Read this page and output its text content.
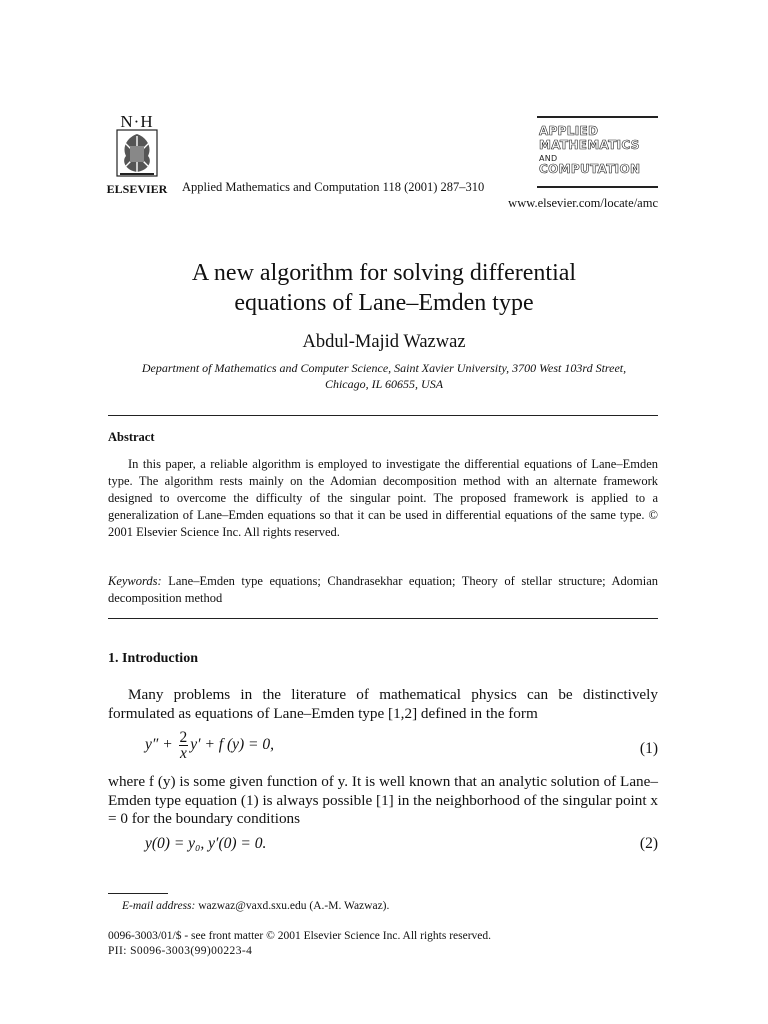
N·H
ELSEVIER Applied Mathematics and Computation 118 (2001) 287–310
APPLIED
MATHEMATICS
AND
COMPUTATION
www.elsevier.com/locate/amc
A new algorithm for solving differential
equations of Lane–Emden type
Abdul-Majid Wazwaz
Department of Mathematics and Computer Science, Saint Xavier University, 3700 West 103rd Street,
Chicago, IL 60655, USA
Abstract

In this paper, a reliable algorithm is employed to investigate the differential equations of Lane–Emden type. The algorithm rests mainly on the Adomian decomposition method with an alternate framework designed to overcome the difficulty of the singular point. The proposed framework is applied to a generalization of Lane–Emden equations so that it can be used in differential equations of the same type. © 2001 Elsevier Science Inc. All rights reserved.

Keywords: Lane–Emden type equations; Chandrasekhar equation; Theory of stellar structure; Adomian decomposition method

1. Introduction

Many problems in the literature of mathematical physics can be distinctively formulated as equations of Lane–Emden type [1,2] defined in the form

$y'' + \frac{2}{x} y' + f$ (y) = 0,	(1)

where f (y) is some given function of y. It is well known that an analytic solution of Lane–Emden type equation (1) is always possible [1] in the neighborhood of the singular point x = 0 for the boundary conditions

y(0) = y₀, y′(0) = 0.	(2)
E-mail address: wazwaz@vaxd.sxu.edu (A.-M. Wazwaz).
0096-3003/01/$ - see front matter © 2001 Elsevier Science Inc. All rights reserved.
PII: S0096-3003(99)00223-4
